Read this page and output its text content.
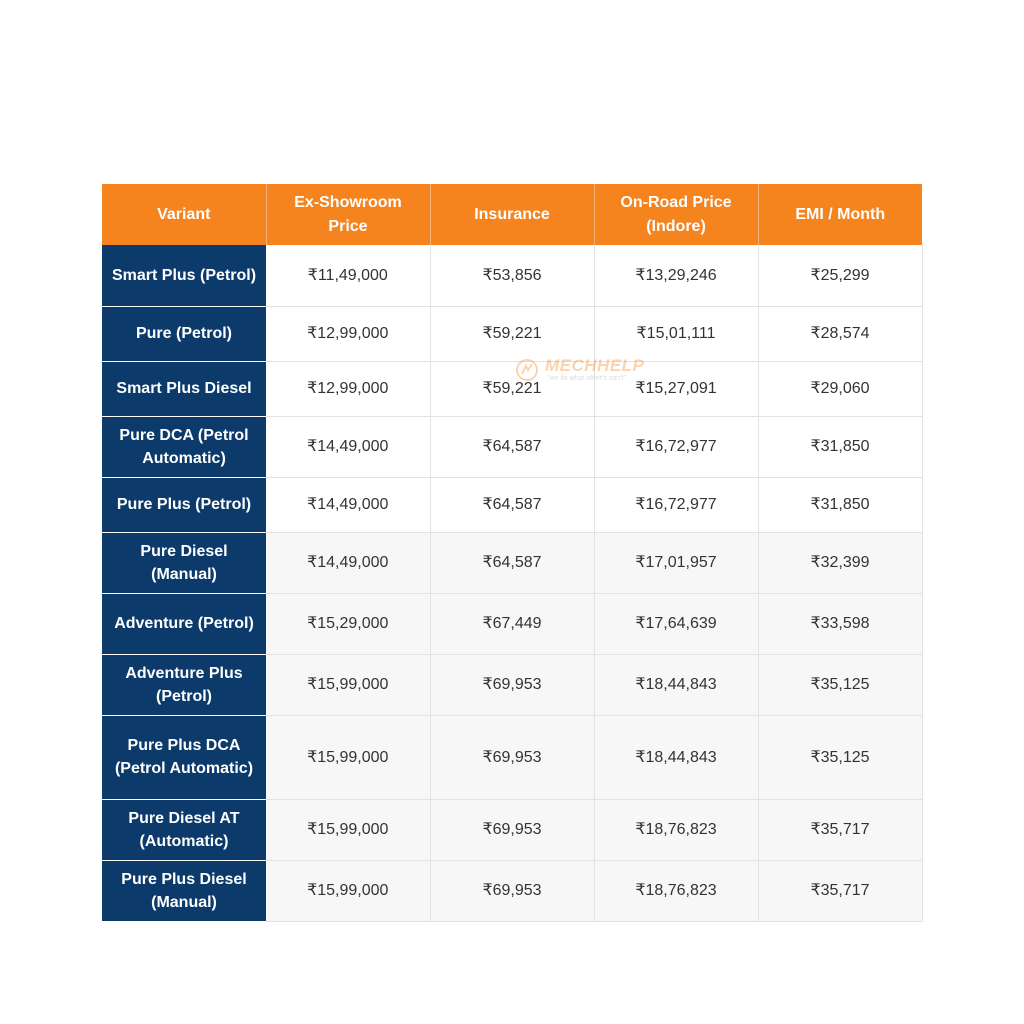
Variant	Ex-Showroom Price	Insurance	On-Road Price (Indore)	EMI / Month
Smart Plus (Petrol)	₹11,49,000	₹53,856	₹13,29,246	₹25,299
Pure (Petrol)	₹12,99,000	₹59,221	₹15,01,111	₹28,574
Smart Plus Diesel	₹12,99,000	₹59,221	₹15,27,091	₹29,060
Pure DCA (Petrol Automatic)	₹14,49,000	₹64,587	₹16,72,977	₹31,850
Pure Plus (Petrol)	₹14,49,000	₹64,587	₹16,72,977	₹31,850
Pure Diesel (Manual)	₹14,49,000	₹64,587	₹17,01,957	₹32,399
Adventure (Petrol)	₹15,29,000	₹67,449	₹17,64,639	₹33,598
Adventure Plus (Petrol)	₹15,99,000	₹69,953	₹18,44,843	₹35,125
Pure Plus DCA (Petrol Automatic)	₹15,99,000	₹69,953	₹18,44,843	₹35,125
Pure Diesel AT (Automatic)	₹15,99,000	₹69,953	₹18,76,823	₹35,717
Pure Plus Diesel (Manual)	₹15,99,000	₹69,953	₹18,76,823	₹35,717
MECHHELP
"we fix what other's can't"
